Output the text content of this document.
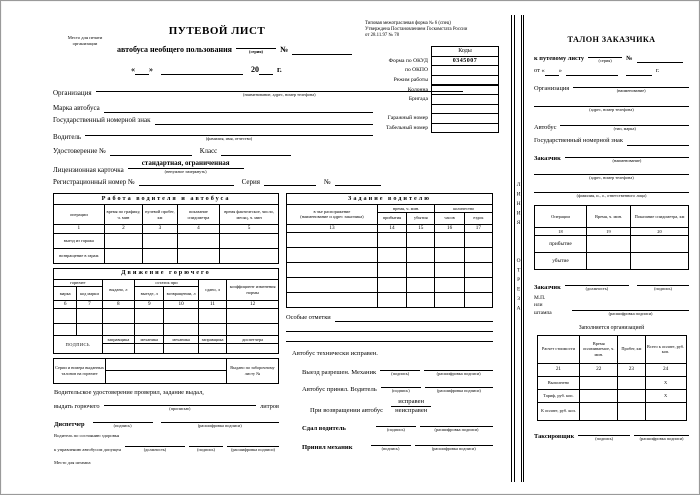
Типовая межотраслевая форма № 6 (спец)
Утверждена Постановлением Госкомстата России
от 28.11.97 № 78
Коды
Форма по ОКУД	0345007
по ОКПО
Режим работы
Колонна
Бригада
Гаражный номер
Табельный номер
Место для печати
организации
ПУТЕВОЙ ЛИСТ
автобуса необщего пользования	(серия)	№
« »	20 г.
Организация	(наименование, адрес, номер телефона)
Марка автобуса
Государственный номерной знак
Водитель	(фамилия, имя, отчество)
Удостоверение №	Класс
Лицензионная карточка
стандартная, ограниченная
(ненужное зачеркнуть)
Регистрационный номер №	Серия	№
Работа водителя и автобуса				
операции	время по графику, ч. мин	нулевой пробег, км	показание спидометра	время фактическое, число, месяц, ч. мин
1	2	3	4	5
выезд из гаража				
возвращение в гараж				
Движение горючего						
горючее		выдано, л	остаток при		сдано, л	коэффициент изменения нормы
марка	код марки		выезде, л	возвращении, л		
6	7	8	9	10	11	12

ПОДПИСЬ		заправщика	механика	механика	заправщика	диспетчера

Серии и номера выданных талонов на горючее		Выдано по заборочному листу №

Водительское удостоверение проверил, задание выдал,
выдать горючего	(прописью)	литров
Диспетчер	(подпись)	(расшифровка подписи)
Водитель по состоянию здоровья
к управлению автобусом допущен	(должность)	(подпись)	(расшифровка подписи)
Место для штампа
Задание водителю				

в чье распоряжение
(наименование и адрес заказчика)	время, ч. мин.		количество	
	прибытия	убытия	часов	ездок
13	14	15	16	17

Особые отметки
Автобус технически исправен.
Выезд разрешен. Механик	(подпись)	(расшифровка подписи)
Автобус принял. Водитель	(подпись)	(расшифровка подписи)
При возвращении автобус
исправен
неисправен
Сдал водитель	(подпись)	(расшифровка подписи)
Принял механик	(подпись)	(расшифровка подписи)
ЛИНИЯ
ОТРЕЗА
ТАЛОН ЗАКАЗЧИКА
к путевому листу	(серия)	№
от « »	г.
Организация	(наименование)
(адрес, номер телефона)
Автобус	(тип, марка)
Государственный номерной знак
Заказчик	(наименование)
(адрес, номер телефона)

(фамилия, и., о., ответственного лица)
Операции	Время, ч. мин.	Показание спидометра, км
18	19	20
прибытие		
убытие		
Заказчик	(должность)	(подпись)
М.П.
или
штампа	(расшифровка подписи)
Заполняется организацией
Расчет стоимости	Время оплачиваемое, ч. мин.	Пробег, км	Всего к оплате, руб. коп.
21	22	23	24
Выполнено			X
Тариф, руб. коп.			X
К оплате, руб. коп.			
Таксировщик	(подпись)	(расшифровка подписи)
